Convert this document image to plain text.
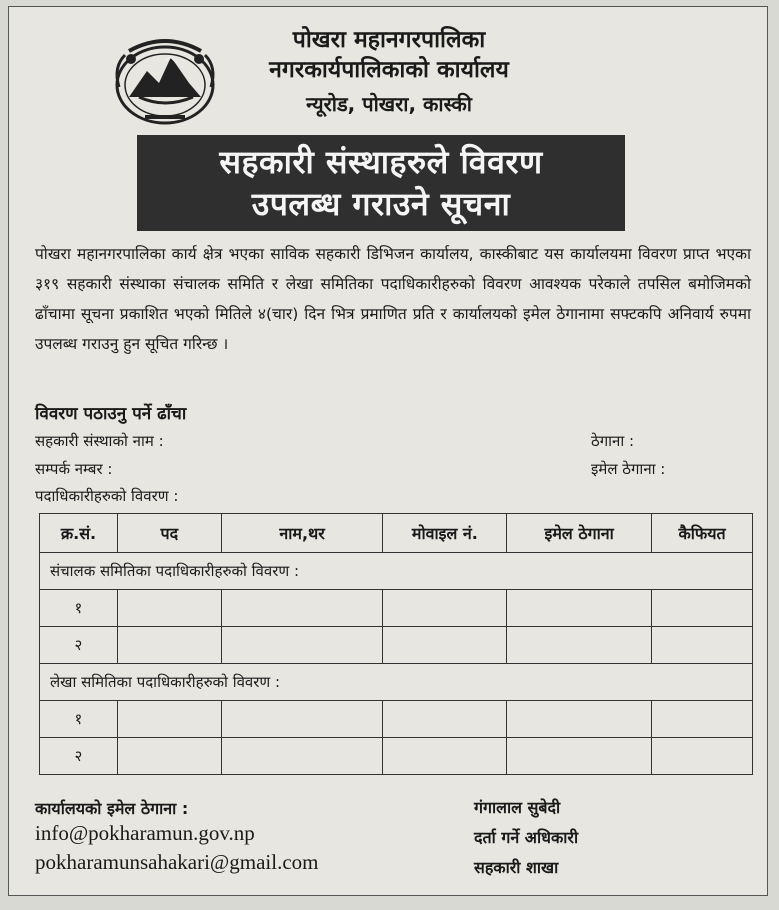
पोखरा महानगरपालिका
नगरकार्यपालिकाको कार्यालय
न्यूरोड, पोखरा, कास्की
सहकारी संस्थाहरुले विवरण
उपलब्ध गराउने सूचना
पोखरा महानगरपालिका कार्य क्षेत्र भएका साविक सहकारी डिभिजन कार्यालय, कास्कीबाट यस कार्यालयमा विवरण प्राप्त भएका ३१९ सहकारी संस्थाका संचालक समिति र लेखा समितिका पदाधिकारीहरुको विवरण आवश्यक परेकाले तपसिल बमोजिमको ढाँचामा सूचना प्रकाशित भएको मितिले ४(चार) दिन भित्र प्रमाणित प्रति र कार्यालयको इमेल ठेगानामा सफ्टकपि अनिवार्य रुपमा उपलब्ध गराउनु हुन सूचित गरिन्छ ।
विवरण पठाउनु पर्ने ढाँचा
सहकारी संस्थाको नाम :	ठेगाना :
सम्पर्क नम्बर :	इमेल ठेगाना :
पदाधिकारीहरुको विवरण :
क्र.सं.	पद	नाम,थर	मोवाइल नं.	इमेल ठेगाना	कैफियत
संचालक समितिका पदाधिकारीहरुको विवरण :					
१					
२					
लेखा समितिका पदाधिकारीहरुको विवरण :					
१					
२					
कार्यालयको इमेल ठेगाना :
info@pokharamun.gov.np
pokharamunsahakari@gmail.com
गंगालाल सुबेदी
दर्ता गर्ने अधिकारी
सहकारी शाखा
